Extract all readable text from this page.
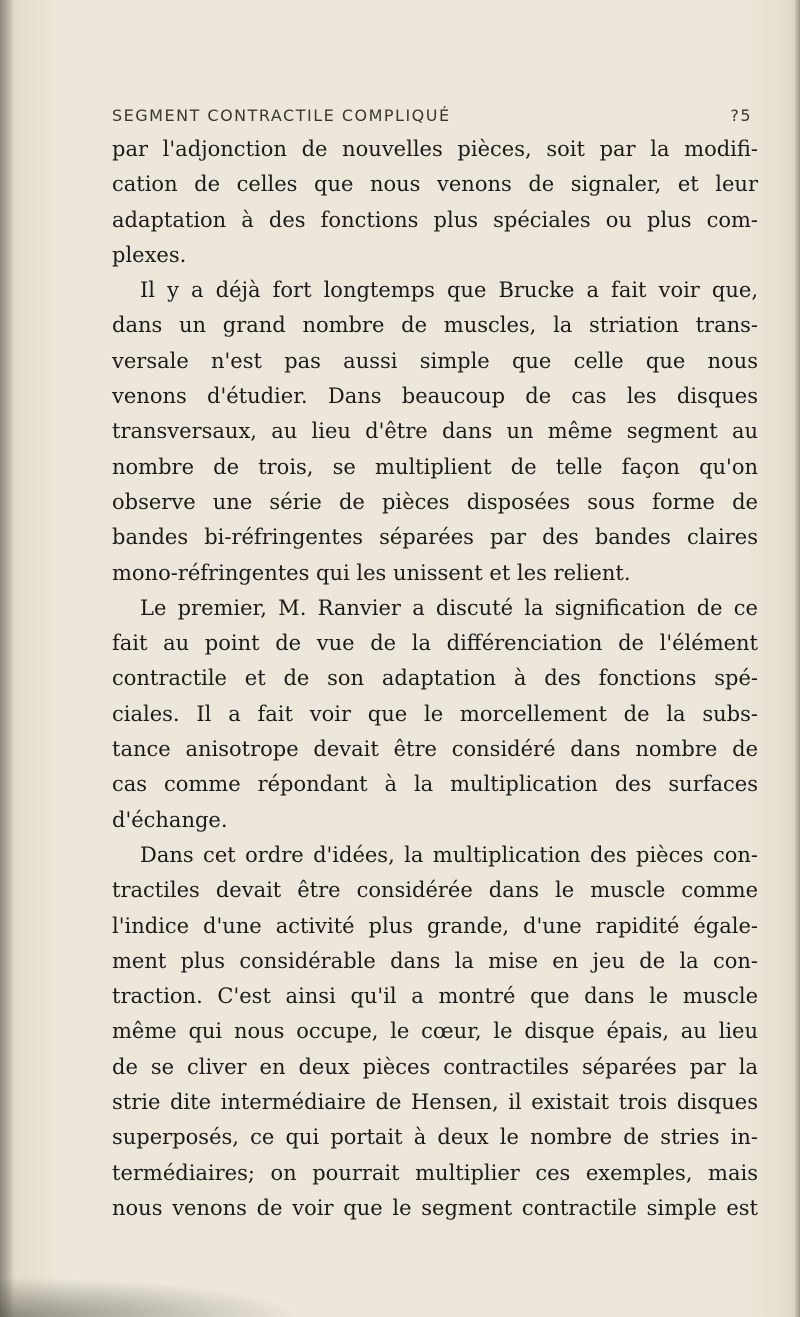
SEGMENT CONTRACTILE COMPLIQUÉ	?5

par l'adjonction de nouvelles pièces, soit par la modifi-
cation de celles que nous venons de signaler, et leur
adaptation à des fonctions plus spéciales ou plus com-
plexes.

Il y a déjà fort longtemps que Brucke a fait voir que,
dans un grand nombre de muscles, la striation trans-
versale n'est pas aussi simple que celle que nous
venons d'étudier. Dans beaucoup de cas les disques
transversaux, au lieu d'être dans un même segment au
nombre de trois, se multiplient de telle façon qu'on
observe une série de pièces disposées sous forme de
bandes bi-réfringentes séparées par des bandes claires
mono-réfringentes qui les unissent et les relient.

Le premier, M. Ranvier a discuté la signification de ce
fait au point de vue de la différenciation de l'élément
contractile et de son adaptation à des fonctions spé-
ciales. Il a fait voir que le morcellement de la subs-
tance anisotrope devait être considéré dans nombre de
cas comme répondant à la multiplication des surfaces
d'échange.

Dans cet ordre d'idées, la multiplication des pièces con-
tractiles devait être considérée dans le muscle comme
l'indice d'une activité plus grande, d'une rapidité égale-
ment plus considérable dans la mise en jeu de la con-
traction. C'est ainsi qu'il a montré que dans le muscle
même qui nous occupe, le cœur, le disque épais, au lieu
de se cliver en deux pièces contractiles séparées par la
strie dite intermédiaire de Hensen, il existait trois disques
superposés, ce qui portait à deux le nombre de stries in-
termédiaires; on pourrait multiplier ces exemples, mais
nous venons de voir que le segment contractile simple est
